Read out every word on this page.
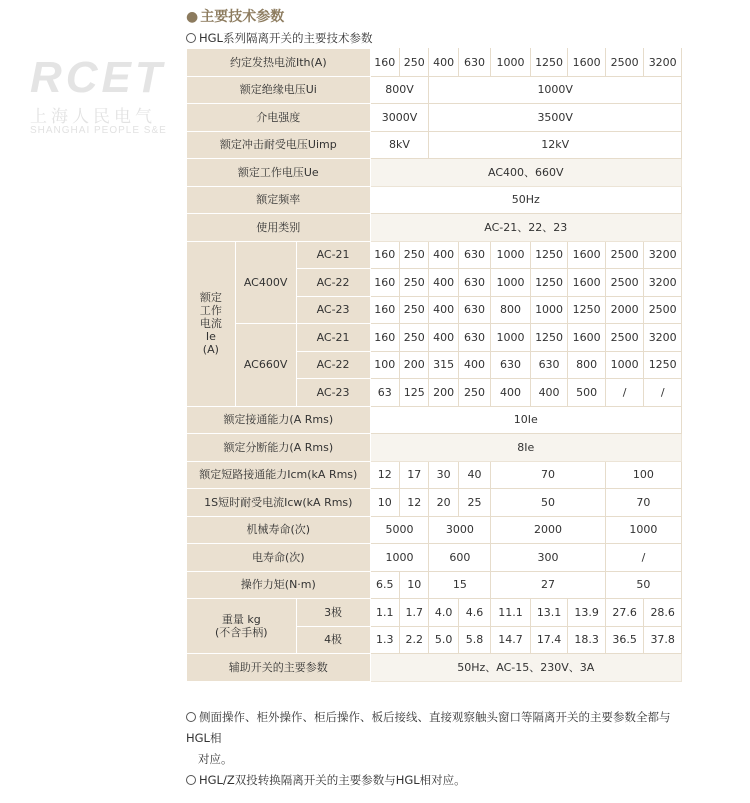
RCET
上海人民电气
SHANGHAI PEOPLE S&E
● 主要技术参数
HGL系列隔离开关的主要技术参数
约定发热电流Ith(A)			160	250	400	630	1000	1250	1600	2500	3200
额定绝缘电压Ui			800V		1000V						
介电强度			3000V		3500V						
额定冲击耐受电压Uimp			8kV		12kV						
额定工作电压Ue			AC400、660V								
额定频率			50Hz								
使用类别			AC-21、22、23								

额定
工作
电流
Ie
(A)	AC400V	AC-21	160	250	400	630	1000	1250	1600	2500	3200
		AC-22	160	250	400	630	1000	1250	1600	2500	3200
		AC-23	160	250	400	630	800	1000	1250	2000	2500
	AC660V	AC-21	160	250	400	630	1000	1250	1600	2500	3200
		AC-22	100	200	315	400	630	630	800	1000	1250
		AC-23	63	125	200	250	400	400	500	/	/
额定接通能力(A Rms)			10Ie								
额定分断能力(A Rms)			8Ie								
额定短路接通能力Icm(kA Rms)			12	17	30	40	70			100	
1S短时耐受电流Icw(kA Rms)			10	12	20	25	50			70	
机械寿命(次)			5000		3000		2000			1000	
电寿命(次)			1000		600		300			/	
操作力矩(N·m)			6.5	10	15		27			50	

重量 kg
(不含手柄)		3极	1.1	1.7	4.0	4.6	11.1	13.1	13.9	27.6	28.6
		4极	1.3	2.2	5.0	5.8	14.7	17.4	18.3	36.5	37.8
辅助开关的主要参数			50Hz、AC-15、230V、3A								

侧面操作、柜外操作、柜后操作、板后接线、直接观察触头窗口等隔离开关的主要参数全都与HGL相

对应。

HGL/Z双投转换隔离开关的主要参数与HGL相对应。
